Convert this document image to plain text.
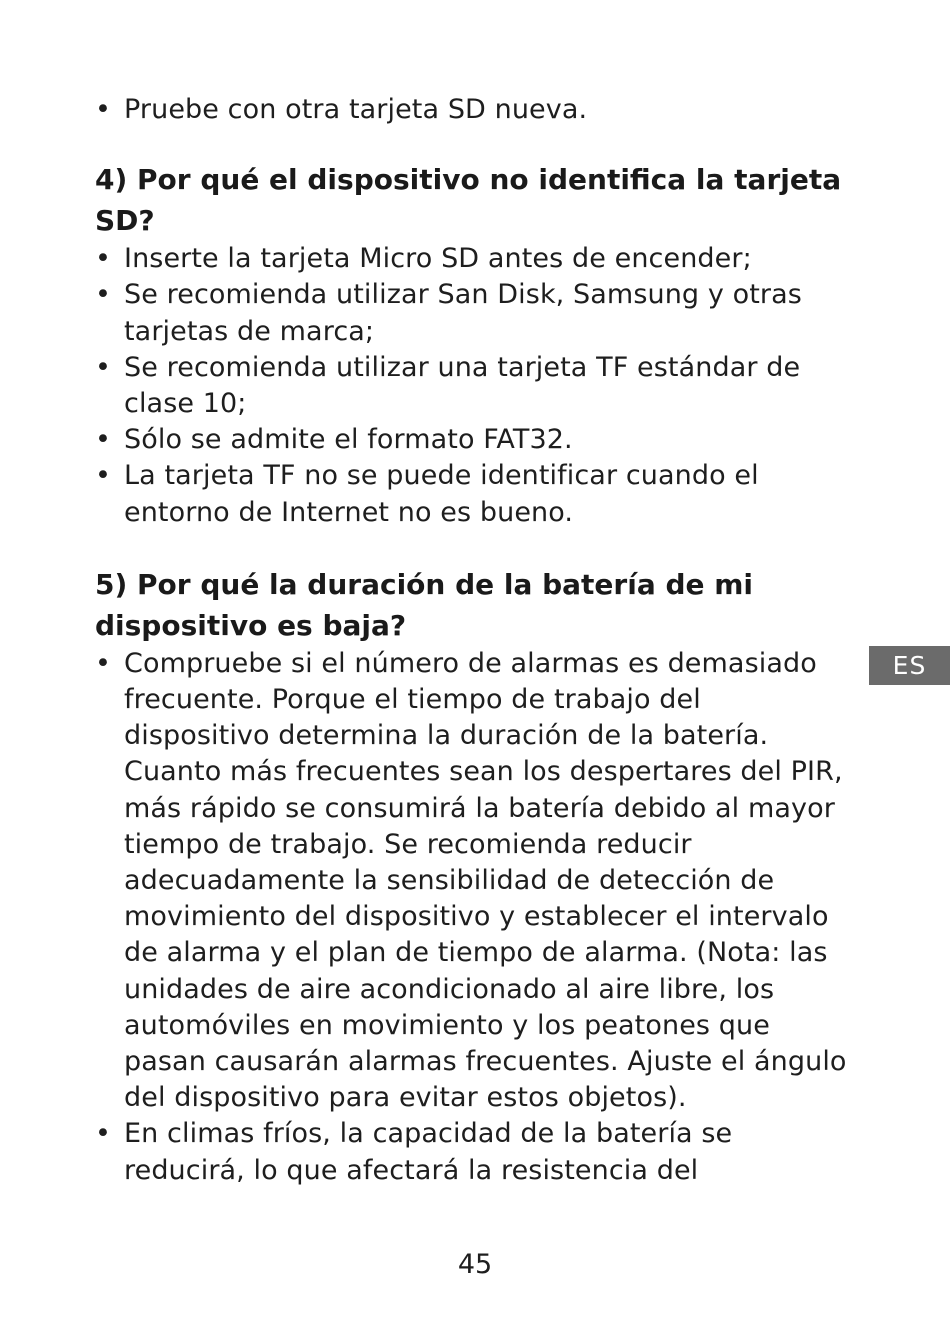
• Pruebe con otra tarjeta SD nueva.
4) Por qué el dispositivo no identifica la tarjeta SD?
• Inserte la tarjeta Micro SD antes de encender;
• Se recomienda utilizar San Disk, Samsung y otras tarjetas de marca;
• Se recomienda utilizar una tarjeta TF estándar de clase 10;
• Sólo se admite el formato FAT32.
• La tarjeta TF no se puede identificar cuando el entorno de Internet no es bueno.
5) Por qué la duración de la batería de mi dispositivo es baja?
• Compruebe si el número de alarmas es demasiado frecuente. Porque el tiempo de trabajo del dispositivo determina la duración de la batería. Cuanto más frecuentes sean los despertares del PIR, más rápido se consumirá la batería debido al mayor tiempo de trabajo. Se recomienda reducir adecuadamente la sensibilidad de detección de movimiento del dispositivo y establecer el intervalo de alarma y el plan de tiempo de alarma. (Nota: las unidades de aire acondicionado al aire libre, los automóviles en movimiento y los peatones que pasan causarán alarmas frecuentes. Ajuste el ángulo del dispositivo para evitar estos objetos).
• En climas fríos, la capacidad de la batería se reducirá, lo que afectará la resistencia del
ES
45
